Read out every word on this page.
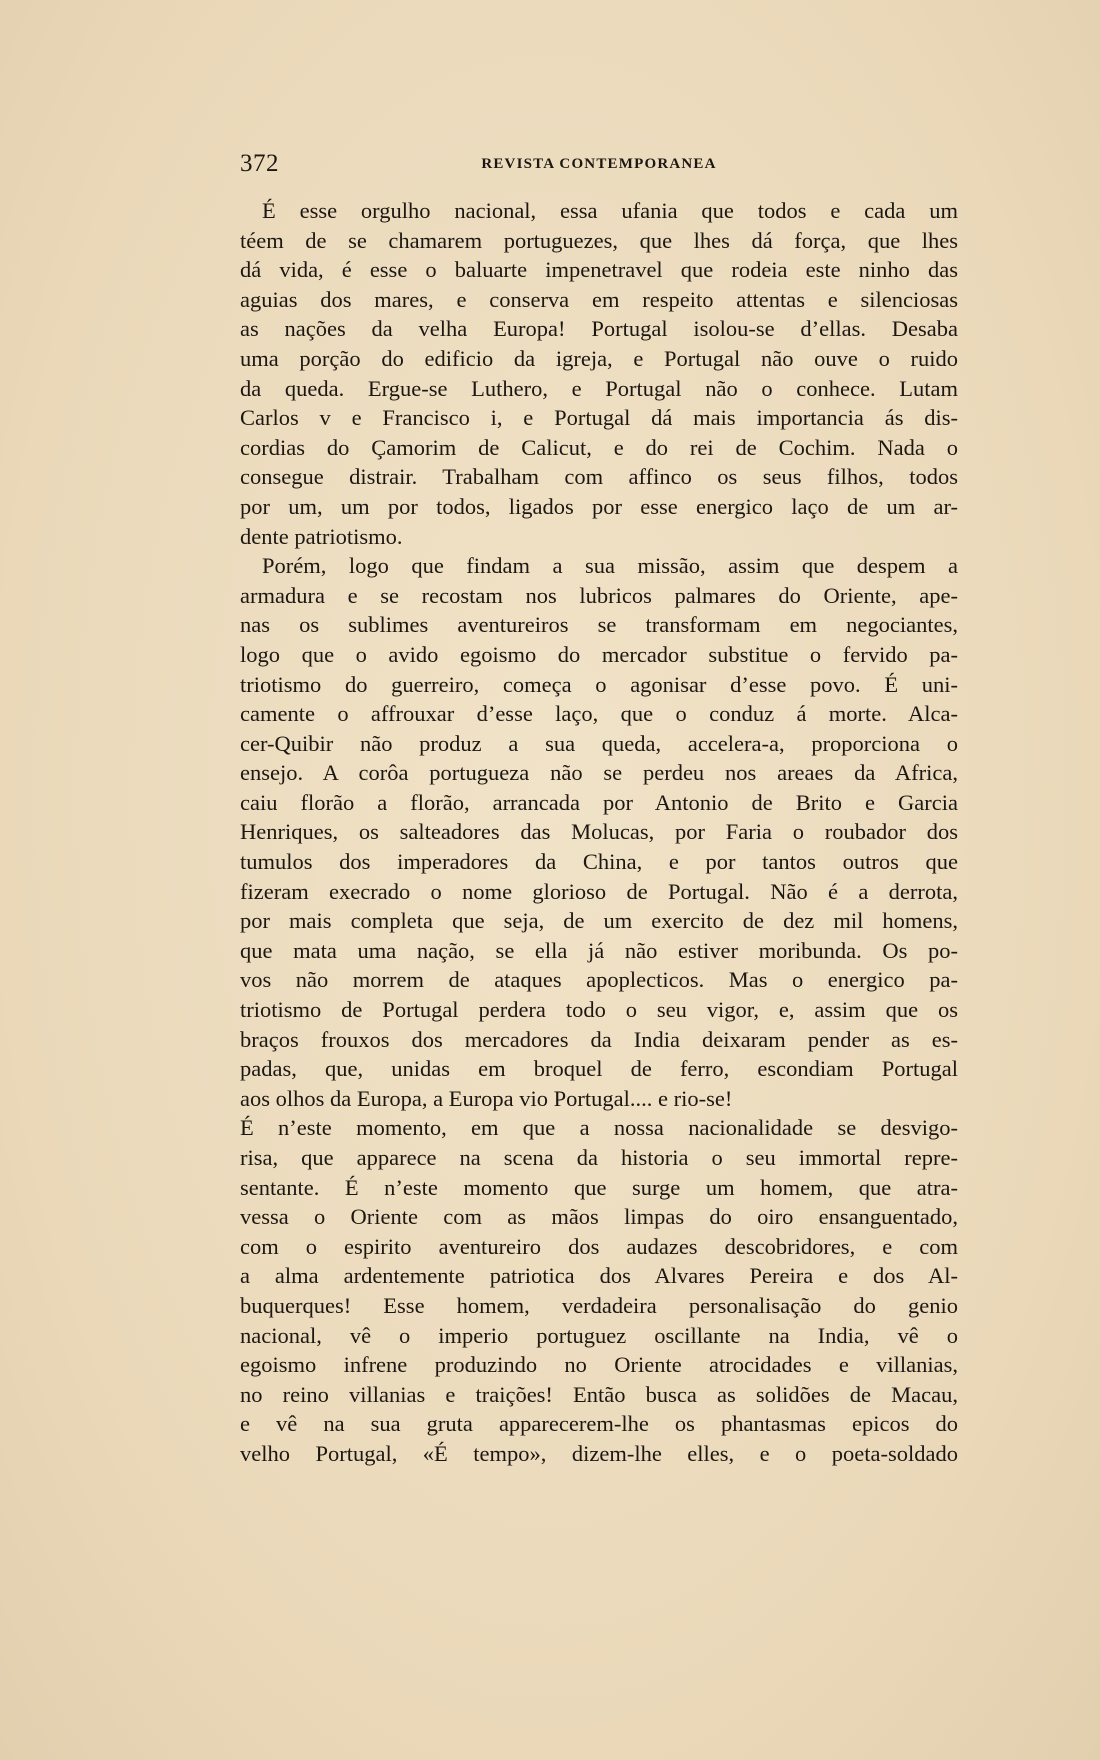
372	REVISTA CONTEMPORANEA
É esse orgulho nacional, essa ufania que todos e cada um
téem de se chamarem portuguezes, que lhes dá força, que lhes
dá vida, é esse o baluarte impenetravel que rodeia este ninho das
aguias dos mares, e conserva em respeito attentas e silenciosas
as nações da velha Europa! Portugal isolou-se d’ellas. Desaba
uma porção do edificio da igreja, e Portugal não ouve o ruido
da queda. Ergue-se Luthero, e Portugal não o conhece. Lutam
Carlos v e Francisco i, e Portugal dá mais importancia ás dis-
cordias do Çamorim de Calicut, e do rei de Cochim. Nada o
consegue distrair. Trabalham com affinco os seus filhos, todos
por um, um por todos, ligados por esse energico laço de um ar-
dente patriotismo.
Porém, logo que findam a sua missão, assim que despem a
armadura e se recostam nos lubricos palmares do Oriente, ape-
nas os sublimes aventureiros se transformam em negociantes,
logo que o avido egoismo do mercador substitue o fervido pa-
triotismo do guerreiro, começa o agonisar d’esse povo. É uni-
camente o affrouxar d’esse laço, que o conduz á morte. Alca-
cer-Quibir não produz a sua queda, accelera-a, proporciona o
ensejo. A corôa portugueza não se perdeu nos areaes da Africa,
caiu florão a florão, arrancada por Antonio de Brito e Garcia
Henriques, os salteadores das Molucas, por Faria o roubador dos
tumulos dos imperadores da China, e por tantos outros que
fizeram execrado o nome glorioso de Portugal. Não é a derrota,
por mais completa que seja, de um exercito de dez mil homens,
que mata uma nação, se ella já não estiver moribunda. Os po-
vos não morrem de ataques apoplecticos. Mas o energico pa-
triotismo de Portugal perdera todo o seu vigor, e, assim que os
braços frouxos dos mercadores da India deixaram pender as es-
padas, que, unidas em broquel de ferro, escondiam Portugal
aos olhos da Europa, a Europa vio Portugal.... e rio-se!
É n’este momento, em que a nossa nacionalidade se desvigo-
risa, que apparece na scena da historia o seu immortal repre-
sentante. É n’este momento que surge um homem, que atra-
vessa o Oriente com as mãos limpas do oiro ensanguentado,
com o espirito aventureiro dos audazes descobridores, e com
a alma ardentemente patriotica dos Alvares Pereira e dos Al-
buquerques! Esse homem, verdadeira personalisação do genio
nacional, vê o imperio portuguez oscillante na India, vê o
egoismo infrene produzindo no Oriente atrocidades e villanias,
no reino villanias e traições! Então busca as solidões de Macau,
e vê na sua gruta apparecerem-lhe os phantasmas epicos do
velho Portugal, «É tempo», dizem-lhe elles, e o poeta-soldado
